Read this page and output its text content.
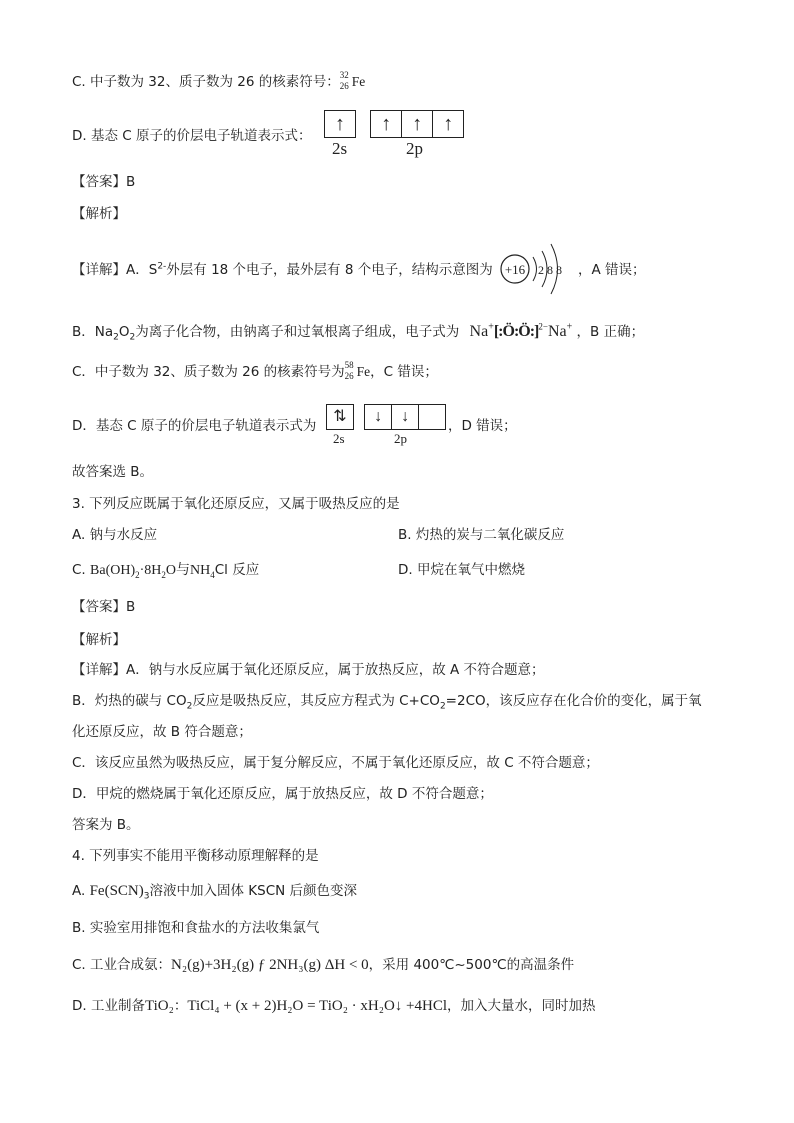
C. 中子数为 32、质子数为 26 的核素符号： 32
26 Fe
D. 基态 C 原子的价层电子轨道表示式：
↑ ↑ ↑ ↑
2s	2p
【答案】B
【解析】
【详解】A．$S^{2-}$外层有 18 个电子，最外层有 8 个电子，结构示意图为 +16 2 8 8 ，A 错误；
B．$Na_2O_2$为离子化合物，由钠离子和过氧根离子组成，电子式为 Na+[:Ö:Ö:]$^{2-}$Na+ ，B 正确；
C．中子数为 32、质子数为 26 的核素符号为 58
26 Fe，C 错误；
D．基态 C 原子的价层电子轨道表示式为
⇅ ↓ ↓
2s	2p
，D 错误；
故答案选 B。
3. 下列反应既属于氧化还原反应，又属于吸热反应的是
A. 钠与水反应	B. 灼热的炭与二氧化碳反应
C. $Ba(OH)_2\cdot 8H_2O$与$NH_4Cl$ 反应	D. 甲烷在氧气中燃烧
【答案】B
【解析】
【详解】A．钠与水反应属于氧化还原反应，属于放热反应，故 A 不符合题意；
B．灼热的碳与 $CO_2$反应是吸热反应，其反应方程式为 $C+CO_2=2CO$，该反应存在化合价的变化，属于氧
化还原反应，故 B 符合题意；
C．该反应虽然为吸热反应，属于复分解反应，不属于氧化还原反应，故 C 不符合题意；
D．甲烷的燃烧属于氧化还原反应，属于放热反应，故 D 不符合题意；
答案为 B。
4. 下列事实不能用平衡移动原理解释的是
A. $Fe(SCN)_3$溶液中加入固体 KSCN 后颜色变深
B. 实验室用排饱和食盐水的方法收集氯气
C. 工业合成氨：N₂(g)+3H₂(g) ƒ 2NH₃(g) ΔH < 0，采用 400℃~500℃的高温条件
D. 工业制备TiO₂：TiCl₄ + (x + 2)H₂O = TiO₂ · xH₂O↓ +4HCl，加入大量水，同时加热
